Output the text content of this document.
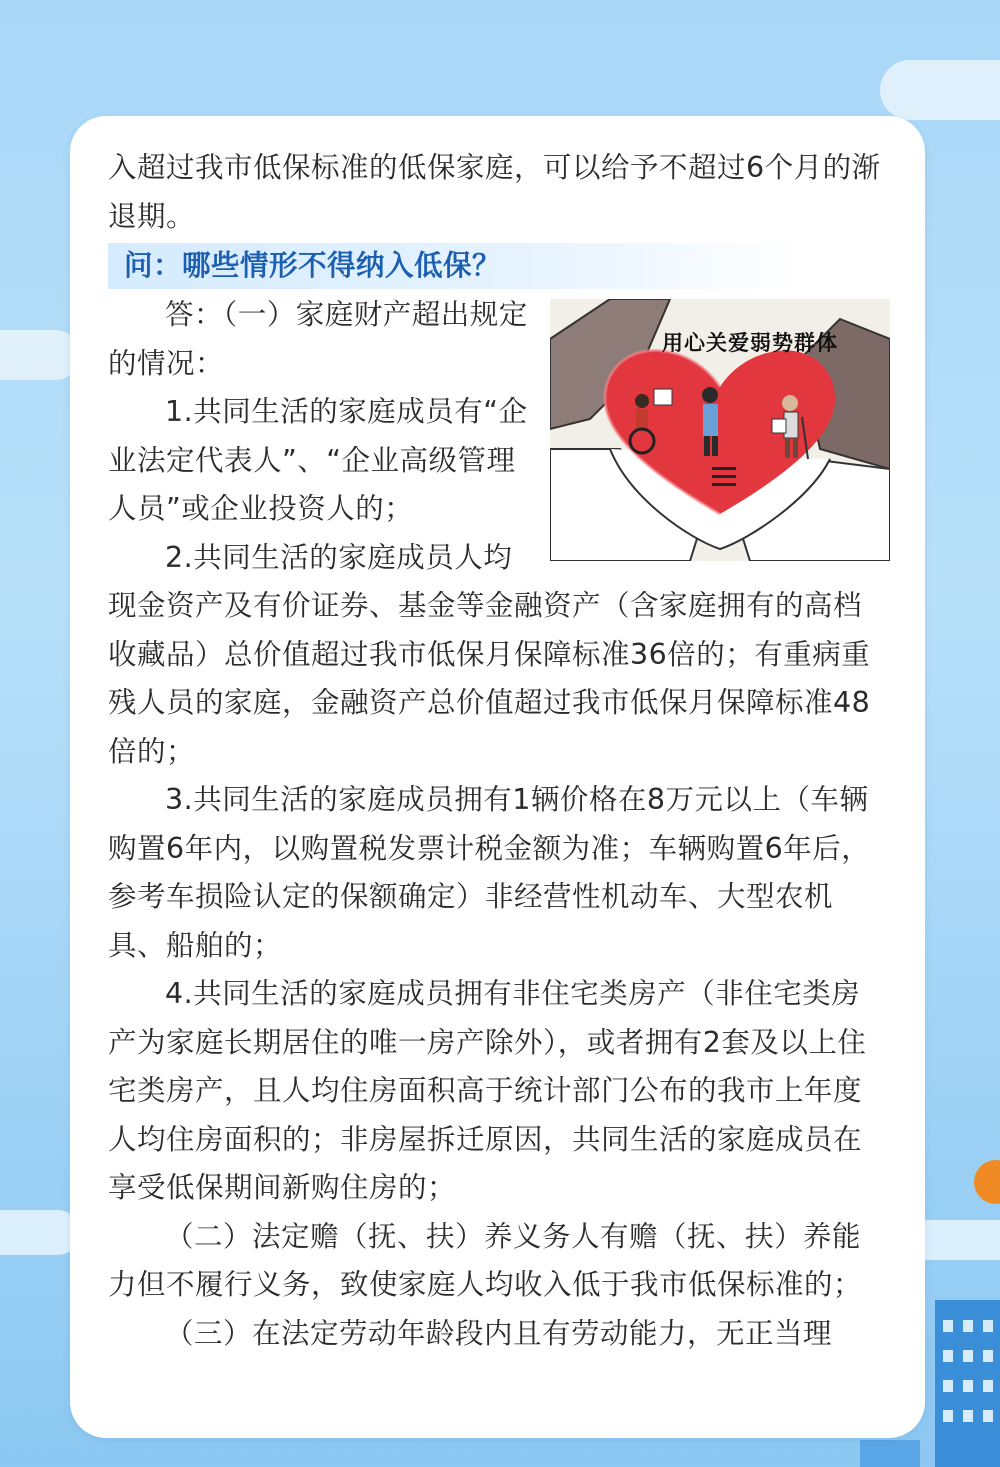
入超过我市低保标准的低保家庭，可以给予不超过6个月的渐退期。

问：哪些情形不得纳入低保？
用心关爱弱势群体

答：（一）家庭财产超出规定的情况：

1.共同生活的家庭成员有“企业法定代表人”、“企业高级管理人员”或企业投资人的；

2.共同生活的家庭成员人均现金资产及有价证券、基金等金融资产（含家庭拥有的高档收藏品）总价值超过我市低保月保障标准36倍的；有重病重残人员的家庭，金融资产总价值超过我市低保月保障标准48倍的；

3.共同生活的家庭成员拥有1辆价格在8万元以上（车辆购置6年内，以购置税发票计税金额为准；车辆购置6年后，参考车损险认定的保额确定）非经营性机动车、大型农机具、船舶的；

4.共同生活的家庭成员拥有非住宅类房产（非住宅类房产为家庭长期居住的唯一房产除外），或者拥有2套及以上住宅类房产，且人均住房面积高于统计部门公布的我市上年度人均住房面积的；非房屋拆迁原因，共同生活的家庭成员在享受低保期间新购住房的；

（二）法定赡（抚、扶）养义务人有赡（抚、扶）养能力但不履行义务，致使家庭人均收入低于我市低保标准的；

（三）在法定劳动年龄段内且有劳动能力，无正当理
